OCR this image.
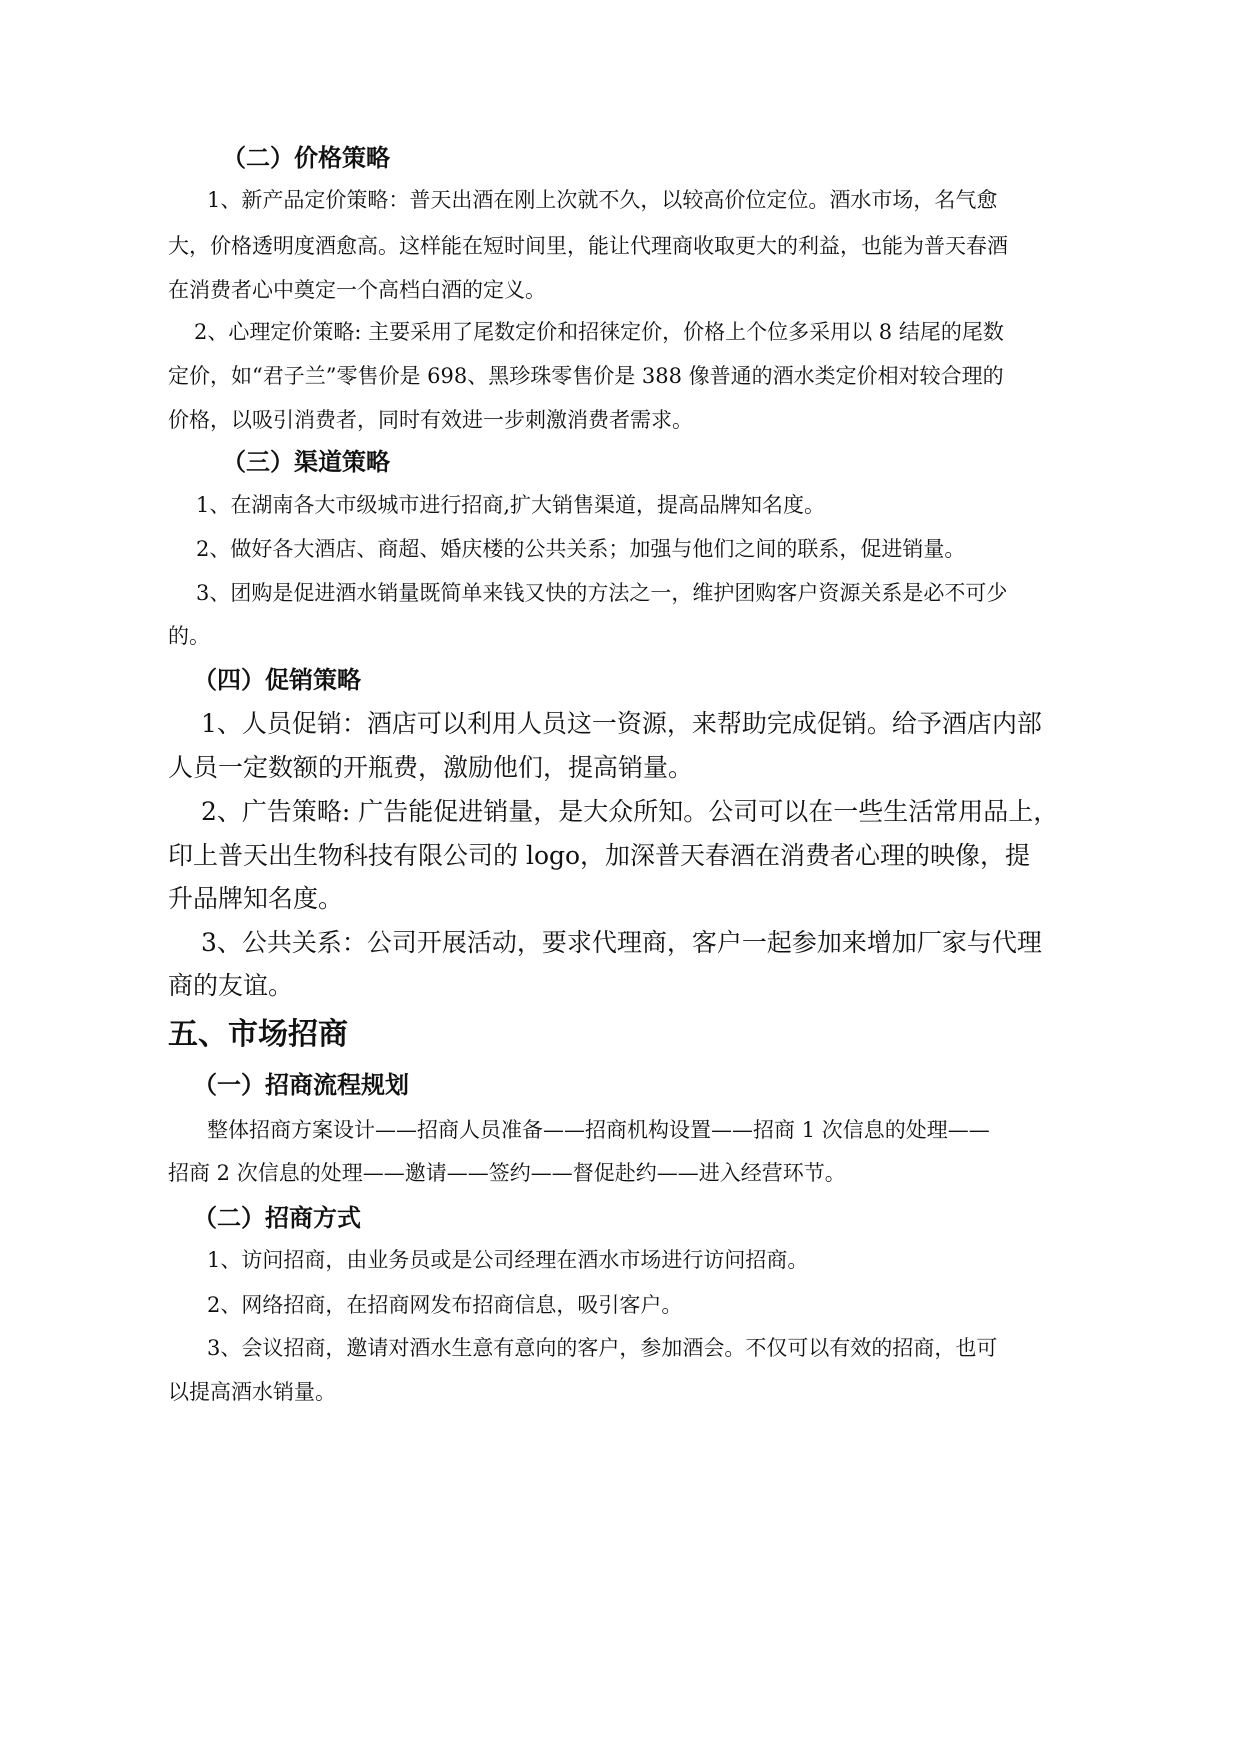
（二）价格策略
1、新产品定价策略：普天出酒在刚上次就不久，以较高价位定位。酒水市场，名气愈
大，价格透明度酒愈高。这样能在短时间里，能让代理商收取更大的利益，也能为普天春酒
在消费者心中奠定一个高档白酒的定义。
2、心理定价策略: 主要采用了尾数定价和招徕定价，价格上个位多采用以 8 结尾的尾数
定价，如“君子兰”零售价是 698、黑珍珠零售价是 388 像普通的酒水类定价相对较合理的
价格，以吸引消费者，同时有效进一步刺激消费者需求。
（三）渠道策略
1、在湖南各大市级城市进行招商,扩大销售渠道，提高品牌知名度。
2、做好各大酒店、商超、婚庆楼的公共关系；加强与他们之间的联系，促进销量。
3、团购是促进酒水销量既简单来钱又快的方法之一，维护团购客户资源关系是必不可少
的。
（四）促销策略
1、人员促销：酒店可以利用人员这一资源，来帮助完成促销。给予酒店内部
人员一定数额的开瓶费，激励他们，提高销量。
2、广告策略: 广告能促进销量，是大众所知。公司可以在一些生活常用品上，
印上普天出生物科技有限公司的 logo，加深普天春酒在消费者心理的映像，提
升品牌知名度。
3、公共关系：公司开展活动，要求代理商，客户一起参加来增加厂家与代理
商的友谊。
五、市场招商
（一）招商流程规划
整体招商方案设计——招商人员准备——招商机构设置——招商 1 次信息的处理——
招商 2 次信息的处理——邀请——签约——督促赴约——进入经营环节。
（二）招商方式
1、访问招商，由业务员或是公司经理在酒水市场进行访问招商。
2、网络招商，在招商网发布招商信息，吸引客户。
3、会议招商，邀请对酒水生意有意向的客户，参加酒会。不仅可以有效的招商，也可
以提高酒水销量。
